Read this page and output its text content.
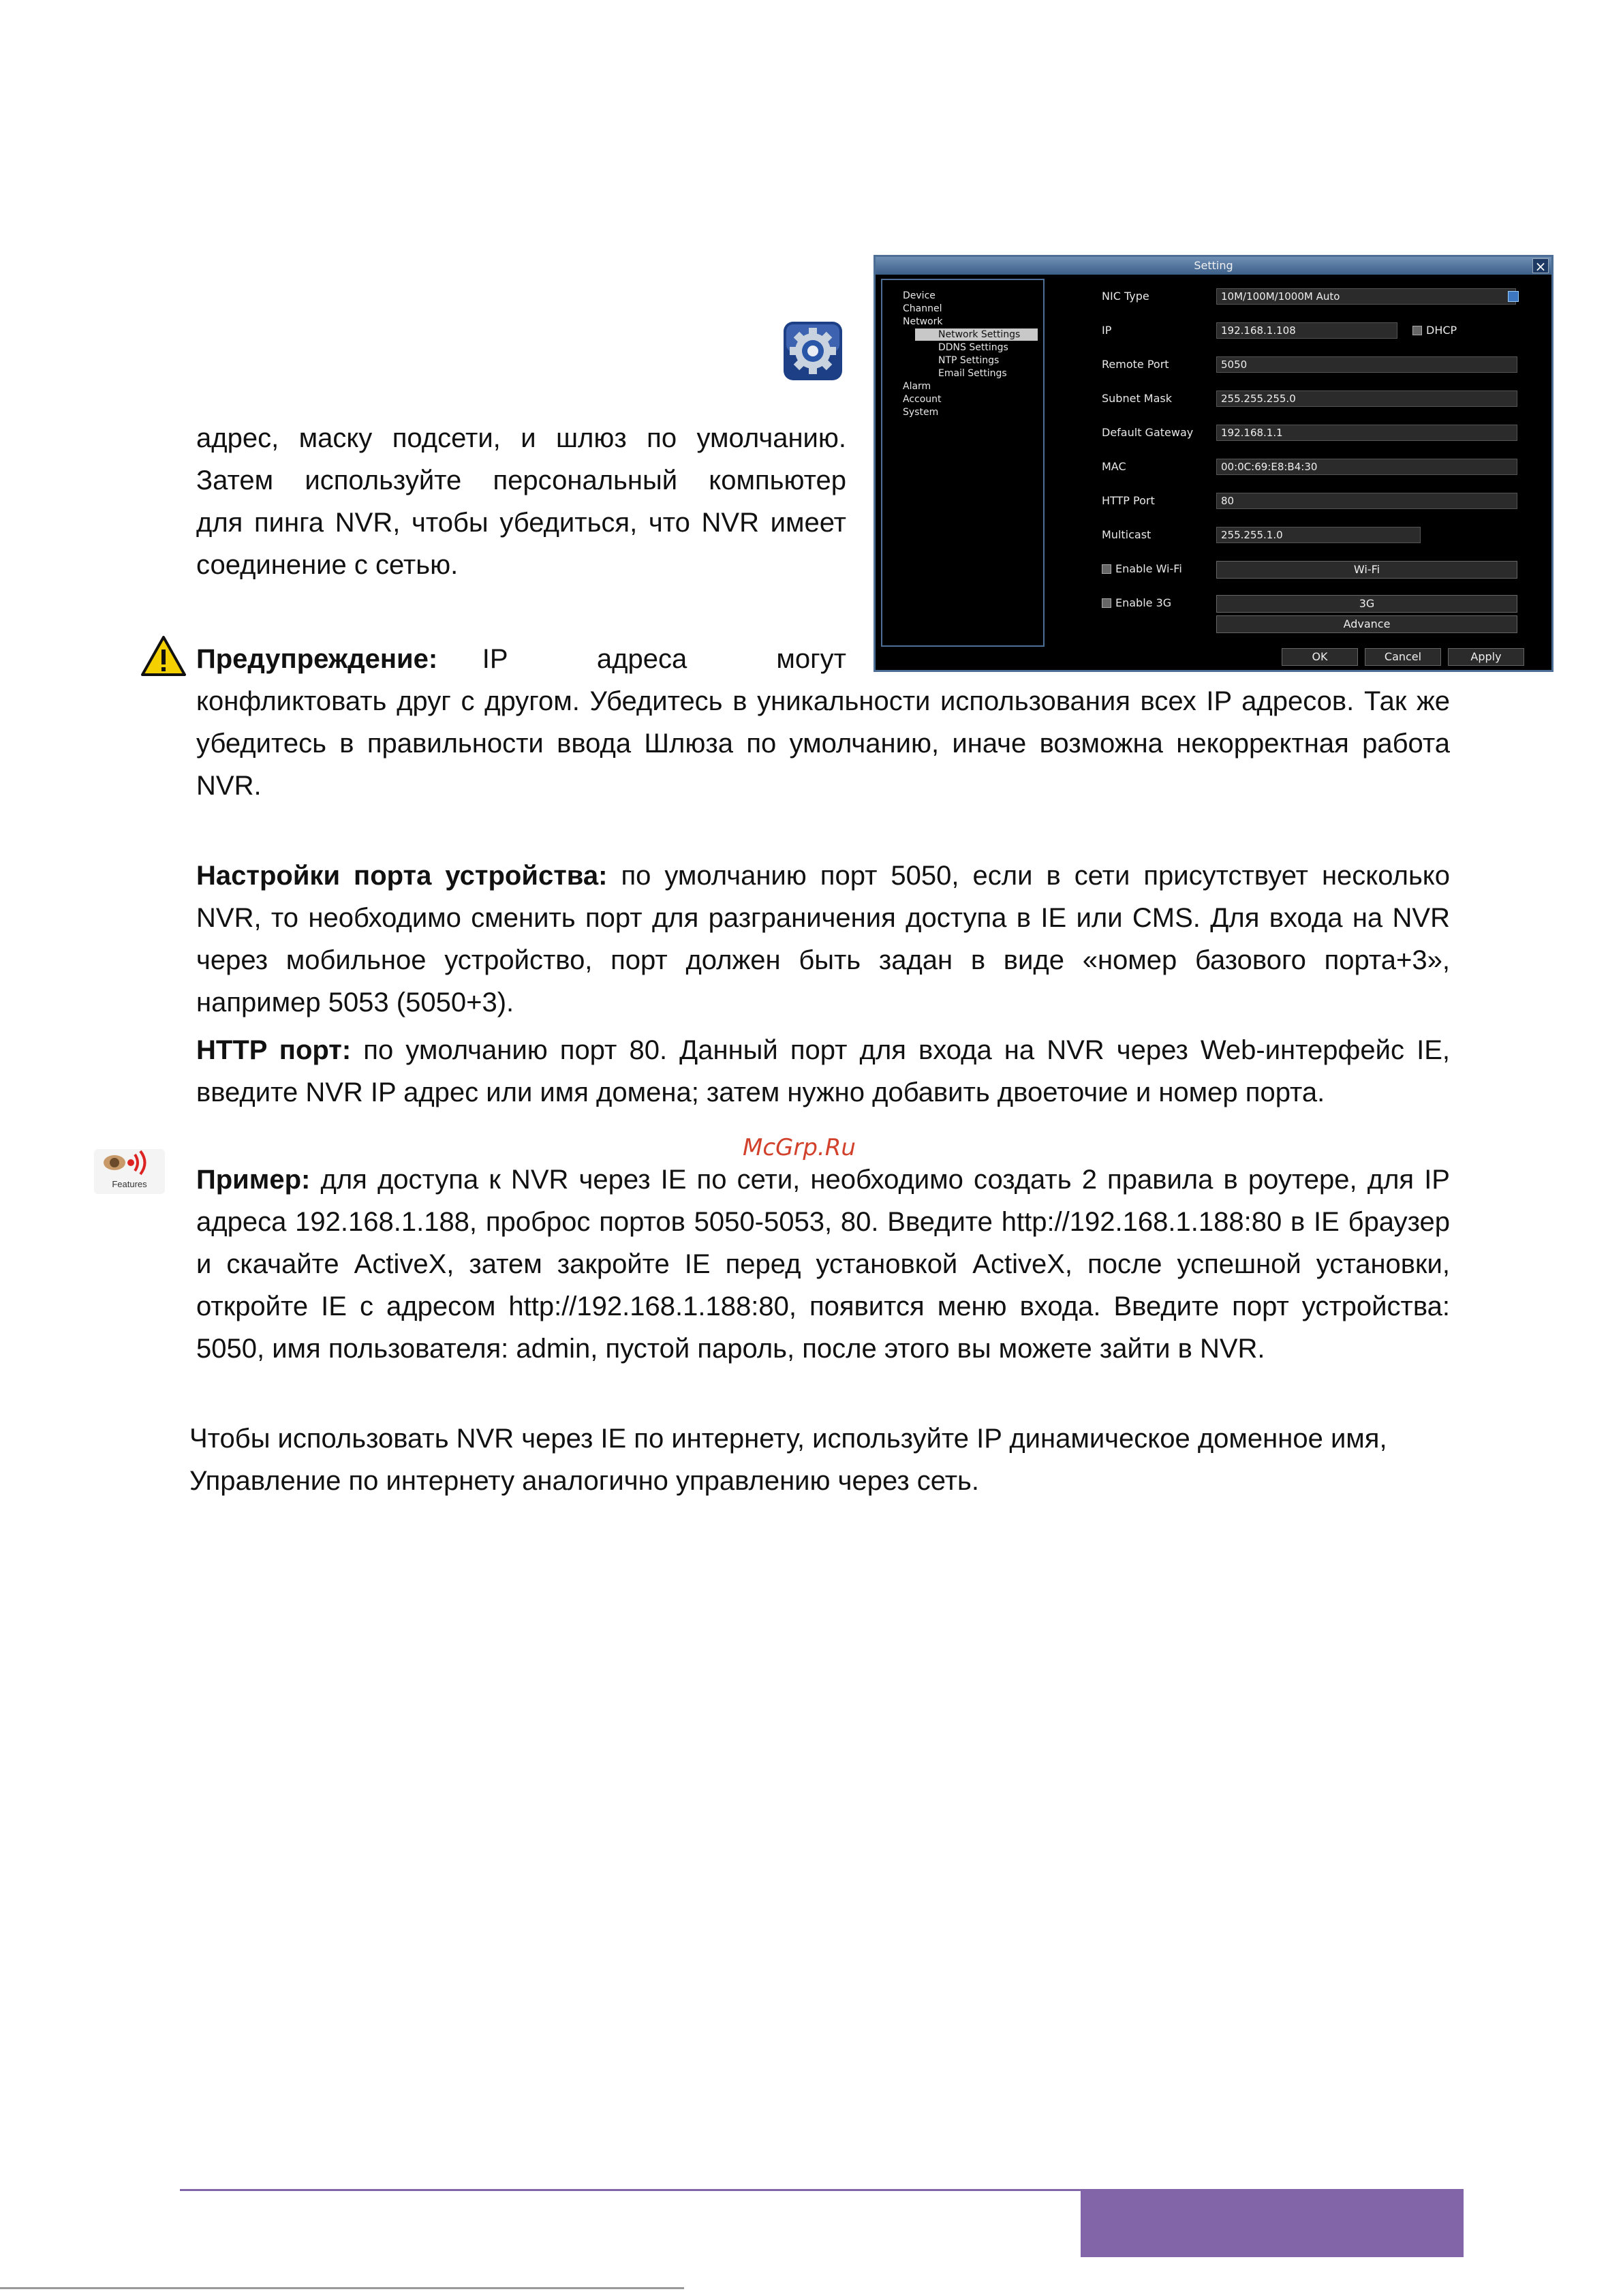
Setting	×
Device
Channel
Network
Network Settings
DDNS Settings
NTP Settings
Email Settings
Alarm
Account
System
NIC Type	10M/100M/1000M Auto
IP	192.168.1.108	DHCP
Remote Port	5050
Subnet Mask	255.255.255.0
Default Gateway	192.168.1.1
MAC	00:0C:69:E8:B4:30
HTTP Port	80
Multicast	255.255.1.0
Enable Wi-Fi	Wi-Fi
Enable 3G	3G
Advance
OK	Cancel	Apply
адрес, маску подсети, и шлюз по умолчанию.
Затем используйте персональный компьютер
для пинга NVR, чтобы убедиться, что NVR имеет
соединение с сетью.
Предупреждение: IP адреса могут
конфликтовать друг с другом. Убедитесь в уникальности использования всех IP адресов. Так же убедитесь в правильности ввода Шлюза по умолчанию, иначе возможна некорректная работа NVR.
Настройки порта устройства: по умолчанию порт 5050, если в сети присутствует несколько NVR, то необходимо сменить порт для разграничения доступа в IE или CMS. Для входа на NVR через мобильное устройство, порт должен быть задан в виде «номер базового порта+3», например 5053 (5050+3).
HTTP порт: по умолчанию порт 80. Данный порт для входа на NVR через Web-интерфейс IE, введите NVR IP адрес или имя домена; затем нужно добавить двоеточие и номер порта.
McGrp.Ru
Features	Пример: для доступа к NVR через IE по сети, необходимо создать 2 правила в роутере, для IP адреса 192.168.1.188, проброс портов 5050-5053, 80. Введите http://192.168.1.188:80 в IE браузер и скачайте ActiveX, затем закройте IE перед установкой ActiveX, после успешной установки, откройте IE с адресом http://192.168.1.188:80, появится меню входа. Введите порт устройства: 5050, имя пользователя: admin, пустой пароль, после этого вы можете зайти в NVR.
Чтобы использовать NVR через IE по интернету, используйте IP динамическое доменное имя,
Управление по интернету аналогично управлению через сеть.
